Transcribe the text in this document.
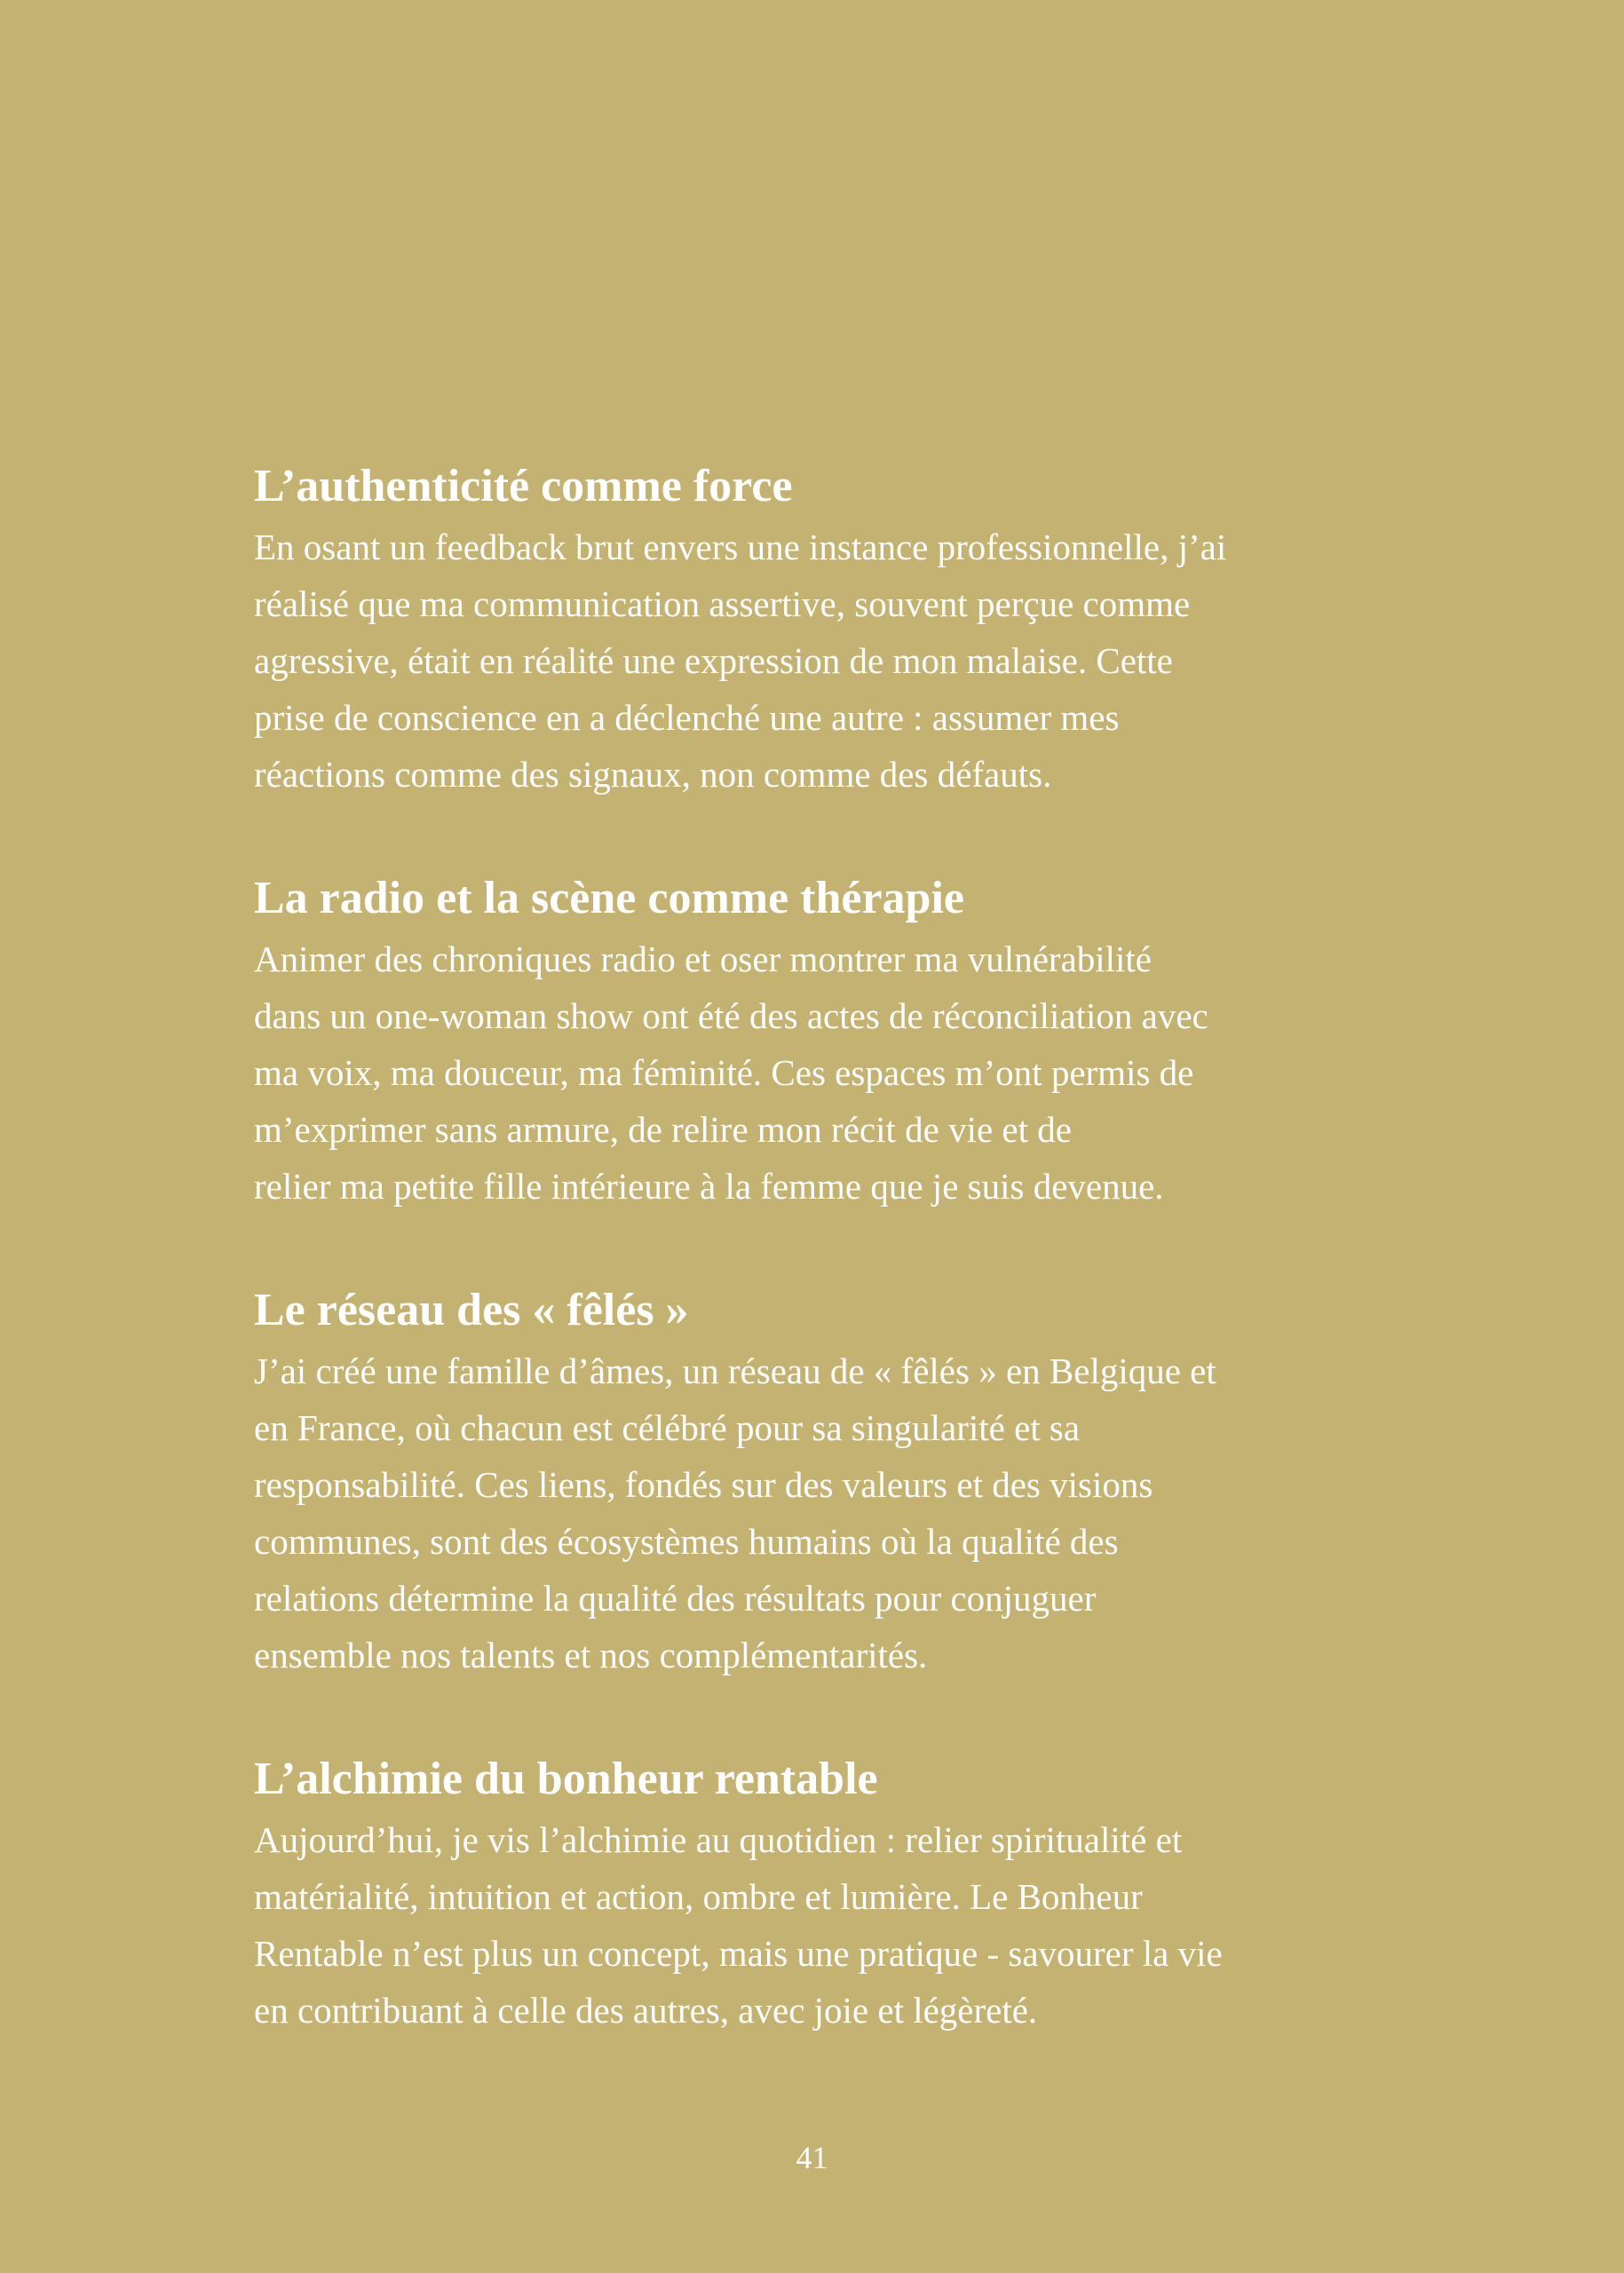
L’authenticité comme force

En osant un feedback brut envers une instance professionnelle, j’ai
réalisé que ma communication assertive, souvent perçue comme
agressive, était en réalité une expression de mon malaise. Cette
prise de conscience en a déclenché une autre : assumer mes
réactions comme des signaux, non comme des défauts.

La radio et la scène comme thérapie

Animer des chroniques radio et oser montrer ma vulnérabilité
dans un one-woman show ont été des actes de réconciliation avec
ma voix, ma douceur, ma féminité. Ces espaces m’ont permis de
m’exprimer sans armure, de relire mon récit de vie et de
relier ma petite fille intérieure à la femme que je suis devenue.

Le réseau des « fêlés »

J’ai créé une famille d’âmes, un réseau de « fêlés » en Belgique et
en France, où chacun est célébré pour sa singularité et sa
responsabilité. Ces liens, fondés sur des valeurs et des visions
communes, sont des écosystèmes humains où la qualité des
relations détermine la qualité des résultats pour conjuguer
ensemble nos talents et nos complémentarités.

L’alchimie du bonheur rentable

Aujourd’hui, je vis l’alchimie au quotidien : relier spiritualité et
matérialité, intuition et action, ombre et lumière. Le Bonheur
Rentable n’est plus un concept, mais une pratique - savourer la vie
en contribuant à celle des autres, avec joie et légèreté.

41
